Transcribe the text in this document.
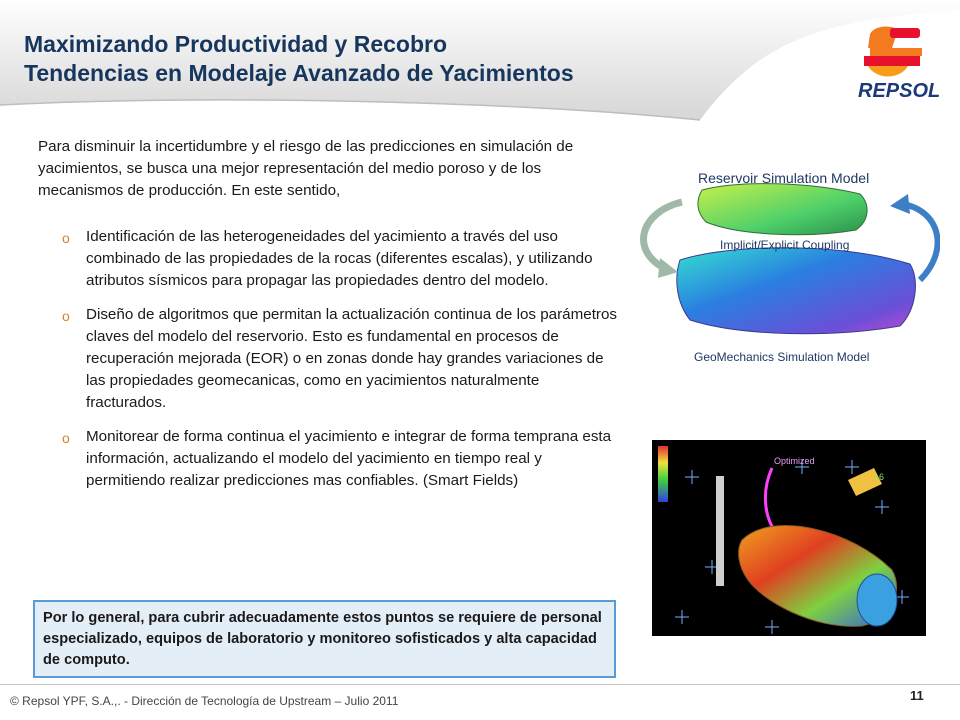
Maximizando Productividad y Recobro
Tendencias en Modelaje Avanzado de Yacimientos
REPSOL

Para disminuir la incertidumbre y el riesgo de las predicciones en simulación de yacimientos, se busca una mejor representación del medio poroso y de los mecanismos de producción. En este sentido,

o Identificación de las heterogeneidades del yacimiento a través del uso combinado de las propiedades de la rocas (diferentes escalas), y utilizando atributos sísmicos para propagar las propiedades dentro del modelo.
o Diseño de algoritmos que permitan la actualización continua de los parámetros claves del modelo del reservorio. Esto es fundamental en procesos de recuperación mejorada (EOR) o en zonas donde hay grandes variaciones de las propiedades geomecanicas, como en yacimientos naturalmente fracturados.
o Monitorear de forma continua el yacimiento e integrar de forma temprana esta información, actualizando el modelo del yacimiento en tiempo real y permitiendo realizar predicciones mas confiables. (Smart Fields)
Por lo general, para cubrir adecuadamente estos puntos se requiere de personal especializado, equipos de laboratorio y monitoreo sofisticados y alta capacidad de computo.
Reservoir Simulation Model
Implicit/Explicit Coupling
GeoMechanics Simulation Model
Optimized
16
© Repsol YPF, S.A.,. - Dirección de Tecnología de Upstream – Julio 2011	11
